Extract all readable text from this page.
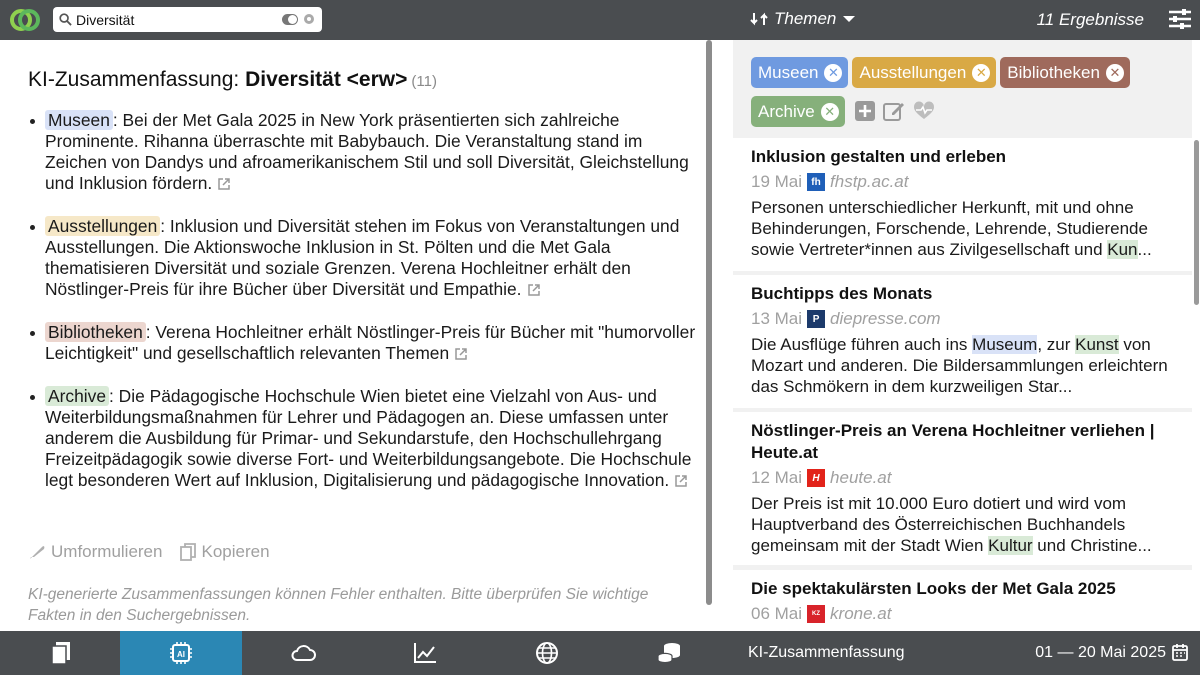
Diversität
Themen	11 Ergebnisse
KI-Zusammenfassung: Diversität <erw> (11)
Museen : Bei der Met Gala 2025 in New York präsentierten sich zahlreiche Prominente. Rihanna überraschte mit Babybauch. Die Veranstaltung stand im Zeichen von Dandys und afroamerikanischem Stil und soll Diversität, Gleichstellung und Inklusion fördern.
Ausstellungen : Inklusion und Diversität stehen im Fokus von Veranstaltungen und Ausstellungen. Die Aktionswoche Inklusion in St. Pölten und die Met Gala thematisieren Diversität und soziale Grenzen. Verena Hochleitner erhält den Nöstlinger-Preis für ihre Bücher über Diversität und Empathie.
Bibliotheken : Verena Hochleitner erhält Nöstlinger-Preis für Bücher mit "humorvoller Leichtigkeit" und gesellschaftlich relevanten Themen
Archive : Die Pädagogische Hochschule Wien bietet eine Vielzahl von Aus- und Weiterbildungsmaßnahmen für Lehrer und Pädagogen an. Diese umfassen unter anderem die Ausbildung für Primar- und Sekundarstufe, den Hochschullehrgang Freizeitpädagogik sowie diverse Fort- und Weiterbildungsangebote. Die Hochschule legt besonderen Wert auf Inklusion, Digitalisierung und pädagogische Innovation.
Umformulieren Kopieren
KI-generierte Zusammenfassungen können Fehler enthalten. Bitte überprüfen Sie wichtige Fakten in den Suchergebnissen.
Museen ✕ Ausstellungen ✕ Bibliotheken ✕
Archive ✕
Inklusion gestalten und erleben
19 Mai fh fhstp.ac.at
Personen unterschiedlicher Herkunft, mit und ohne Behinderungen, Forschende, Lehrende, Studierende sowie Vertreter*innen aus Zivilgesellschaft und Kun...
Buchtipps des Monats
13 Mai	P diepresse.com
Die Ausflüge führen auch ins Museum, zur Kunst von Mozart und anderen. Die Bildersammlungen erleichtern das Schmökern in dem kurzweiligen Star...
Nöstlinger-Preis an Verena Hochleitner verliehen | Heute.at
12 Mai	H heute.at
Der Preis ist mit 10.000 Euro dotiert und wird vom Hauptverband des Österreichischen Buchhandels gemeinsam mit der Stadt Wien Kultur und Christine...
Die spektakulärsten Looks der Met Gala 2025
06 Mai	KZ krone.at
AI	KI-Zusammenfassung	01 — 20 Mai 2025
